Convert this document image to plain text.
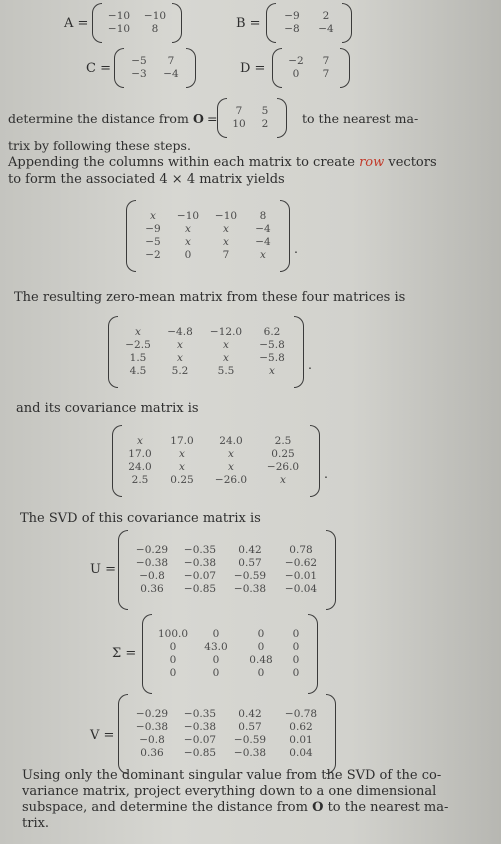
A = −10 −10
−10 8	B = −9 2
−8 −4
C = −5 7
−3 −4	D = −2 7
0 7
determine the distance from O = 7 5
10 2	to the nearest ma-
trix by following these steps.
Appending the columns within each matrix to create row vectors
to form the associated 4 × 4 matrix yields
x −10 −10 8
−9 x	x	−4
−5 x	x	−4
−2 0	7	x .
The resulting zero-mean matrix from these four matrices is
x	−4.8 −12.0 6.2
−2.5	x	x	−5.8
1.5	x	x	−5.8
4.5 5.2	5.5	x	.
and its covariance matrix is
x	17.0 24.0	2.5
17.0	x	x	0.25
24.0	x	x	−26.0
2.5 0.25 −26.0	x	.
The SVD of this covariance matrix is
U =
−0.29 −0.35 0.42	0.78
−0.38 −0.38 0.57 −0.62
−0.8 −0.07 −0.59 −0.01
0.36 −0.85 −0.38 −0.04
Σ =
100.0 0	0	0
0	43.0	0	0
0	0	0.48 0
0	0	0	0
V =
−0.29 −0.35 0.42 −0.78
−0.38 −0.38 0.57	0.62
−0.8 −0.07 −0.59 0.01
0.36 −0.85 −0.38 0.04
Using only the dominant singular value from the SVD of the co-
variance matrix, project everything down to a one dimensional
subspace, and determine the distance from O to the nearest ma-
trix.
